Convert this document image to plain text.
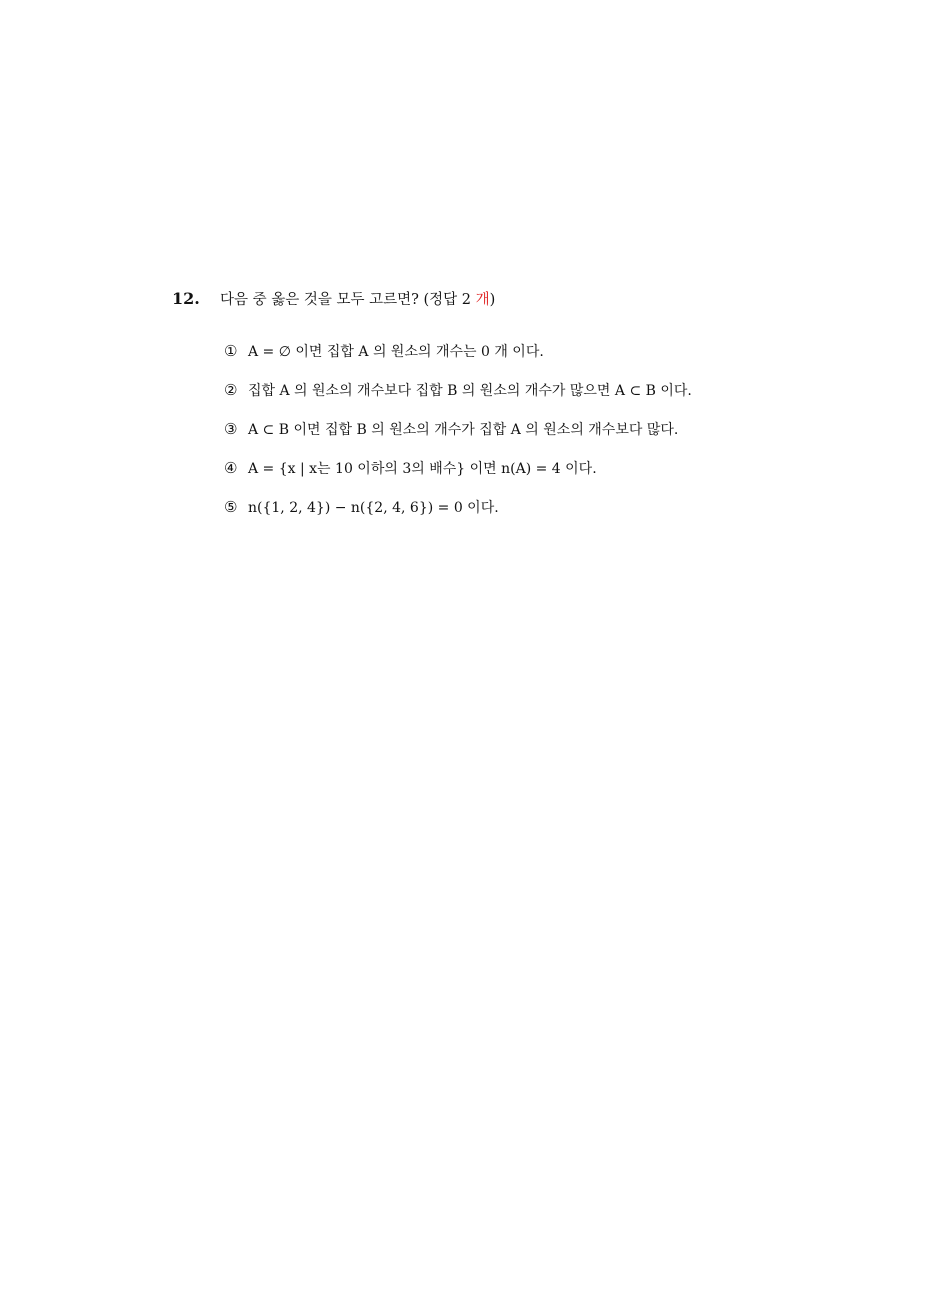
12.	다음 중 옳은 것을 모두 고르면? (정답 2 개)
① A = ∅ 이면 집합 A 의 원소의 개수는 0 개 이다.
② 집합 A 의 원소의 개수보다 집합 B 의 원소의 개수가 많으면 A ⊂ B 이다.
③ A ⊂ B 이면 집합 B 의 원소의 개수가 집합 A 의 원소의 개수보다 많다.
④ A = {x | x는 10 이하의 3의 배수} 이면 n(A) = 4 이다.
⑤ n({1, 2, 4}) − n({2, 4, 6}) = 0 이다.
